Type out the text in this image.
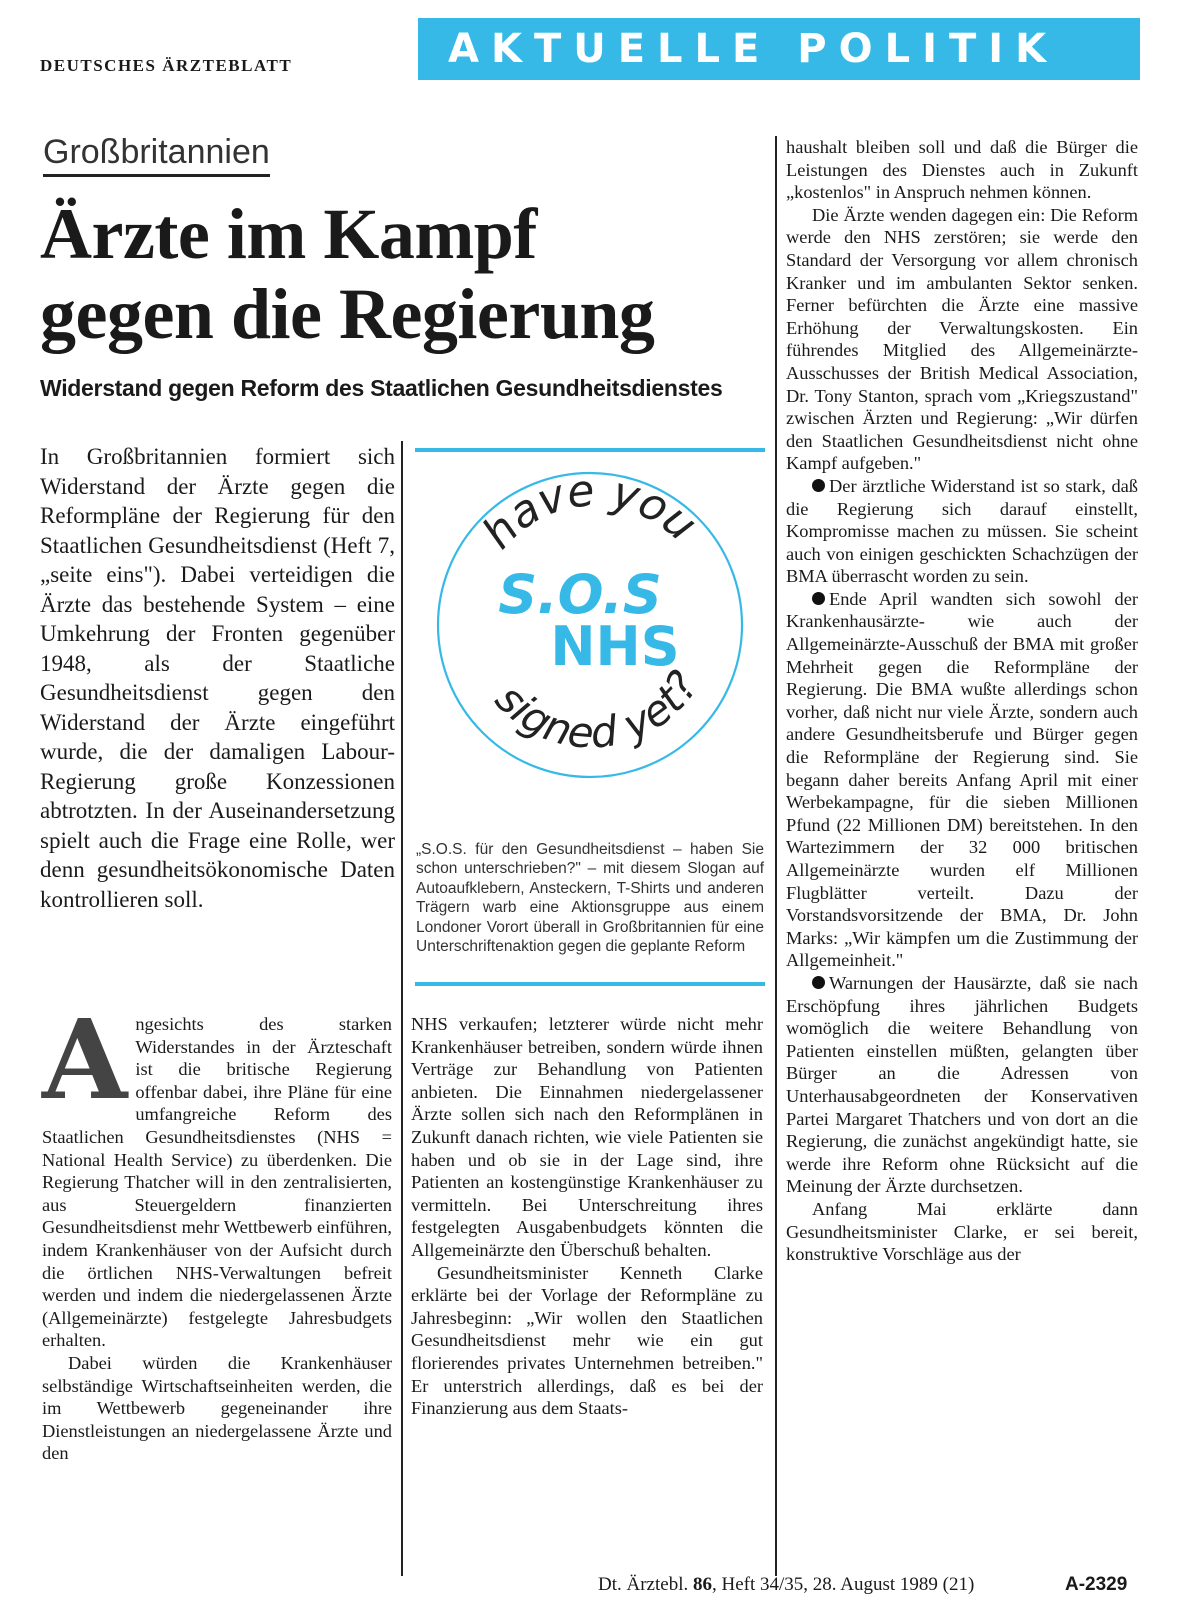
DEUTSCHES ÄRZTEBLATT	AKTUELLE POLITIK
Großbritannien
Ärzte im Kampf
gegen die Regierung
Widerstand gegen Reform des Staatlichen Gesundheitsdienstes
In Großbritannien formiert sich Widerstand der Ärzte gegen die Reformpläne der Regierung für den Staatlichen Gesundheitsdienst (Heft 7, „seite eins"). Dabei verteidigen die Ärzte das bestehende System – eine Umkehrung der Fronten gegenüber 1948, als der Staatliche Gesundheitsdienst gegen den Widerstand der Ärzte eingeführt wurde, die der damaligen Labour-Regierung große Konzessionen abtrotzten. In der Auseinandersetzung spielt auch die Frage eine Rolle, wer denn gesundheitsökonomische Daten kontrollieren soll.
have you
S.O.S
NHS
signed yet?
„S.O.S. für den Gesundheitsdienst – haben Sie schon unterschrieben?" – mit diesem Slogan auf Autoaufklebern, Ansteckern, T-Shirts und anderen Trägern warb eine Aktionsgruppe aus einem Londoner Vorort überall in Großbritannien für eine Unterschriftenaktion gegen die geplante Reform

Angesichts des starken Widerstandes in der Ärzteschaft ist die britische Regierung offenbar dabei, ihre Pläne für eine umfangreiche Reform des Staatlichen Gesundheitsdienstes (NHS = National Health Service) zu überdenken. Die Regierung Thatcher will in den zentralisierten, aus Steuergeldern finanzierten Gesundheitsdienst mehr Wettbewerb einführen, indem Krankenhäuser von der Aufsicht durch die örtlichen NHS-Verwaltungen befreit werden und indem die niedergelassenen Ärzte (Allgemeinärzte) festgelegte Jahresbudgets erhalten.

Dabei würden die Krankenhäuser selbständige Wirtschaftseinheiten werden, die im Wettbewerb gegeneinander ihre Dienstleistungen an niedergelassene Ärzte und den

NHS verkaufen; letzterer würde nicht mehr Krankenhäuser betreiben, sondern würde ihnen Verträge zur Behandlung von Patienten anbieten. Die Einnahmen niedergelassener Ärzte sollen sich nach den Reformplänen in Zukunft danach richten, wie viele Patienten sie haben und ob sie in der Lage sind, ihre Patienten an kostengünstige Krankenhäuser zu vermitteln. Bei Unterschreitung ihres festgelegten Ausgabenbudgets könnten die Allgemeinärzte den Überschuß behalten.

Gesundheitsminister Kenneth Clarke erklärte bei der Vorlage der Reformpläne zu Jahresbeginn: „Wir wollen den Staatlichen Gesundheitsdienst mehr wie ein gut florierendes privates Unternehmen betreiben." Er unterstrich allerdings, daß es bei der Finanzierung aus dem Staats-

haushalt bleiben soll und daß die Bürger die Leistungen des Dienstes auch in Zukunft „kostenlos" in Anspruch nehmen können.

Die Ärzte wenden dagegen ein: Die Reform werde den NHS zerstören; sie werde den Standard der Versorgung vor allem chronisch Kranker und im ambulanten Sektor senken. Ferner befürchten die Ärzte eine massive Erhöhung der Verwaltungskosten. Ein führendes Mitglied des Allgemeinärzte-Ausschusses der British Medical Association, Dr. Tony Stanton, sprach vom „Kriegszustand" zwischen Ärzten und Regierung: „Wir dürfen den Staatlichen Gesundheitsdienst nicht ohne Kampf aufgeben."

Der ärztliche Widerstand ist so stark, daß die Regierung sich darauf einstellt, Kompromisse machen zu müssen. Sie scheint auch von einigen geschickten Schachzügen der BMA überrascht worden zu sein.

Ende April wandten sich sowohl der Krankenhausärzte- wie auch der Allgemeinärzte-Ausschuß der BMA mit großer Mehrheit gegen die Reformpläne der Regierung. Die BMA wußte allerdings schon vorher, daß nicht nur viele Ärzte, sondern auch andere Gesundheitsberufe und Bürger gegen die Reformpläne der Regierung sind. Sie begann daher bereits Anfang April mit einer Werbekampagne, für die sieben Millionen Pfund (22 Millionen DM) bereitstehen. In den Wartezimmern der 32 000 britischen Allgemeinärzte wurden elf Millionen Flugblätter verteilt. Dazu der Vorstandsvorsitzende der BMA, Dr. John Marks: „Wir kämpfen um die Zustimmung der Allgemeinheit."

Warnungen der Hausärzte, daß sie nach Erschöpfung ihres jährlichen Budgets womöglich die weitere Behandlung von Patienten einstellen müßten, gelangten über Bürger an die Adressen von Unterhausabgeordneten der Konservativen Partei Margaret Thatchers und von dort an die Regierung, die zunächst angekündigt hatte, sie werde ihre Reform ohne Rücksicht auf die Meinung der Ärzte durchsetzen.

Anfang Mai erklärte dann Gesundheitsminister Clarke, er sei bereit, konstruktive Vorschläge aus der

Dt. Ärztebl. 86, Heft 34/35, 28. August 1989 (21)	A-2329
